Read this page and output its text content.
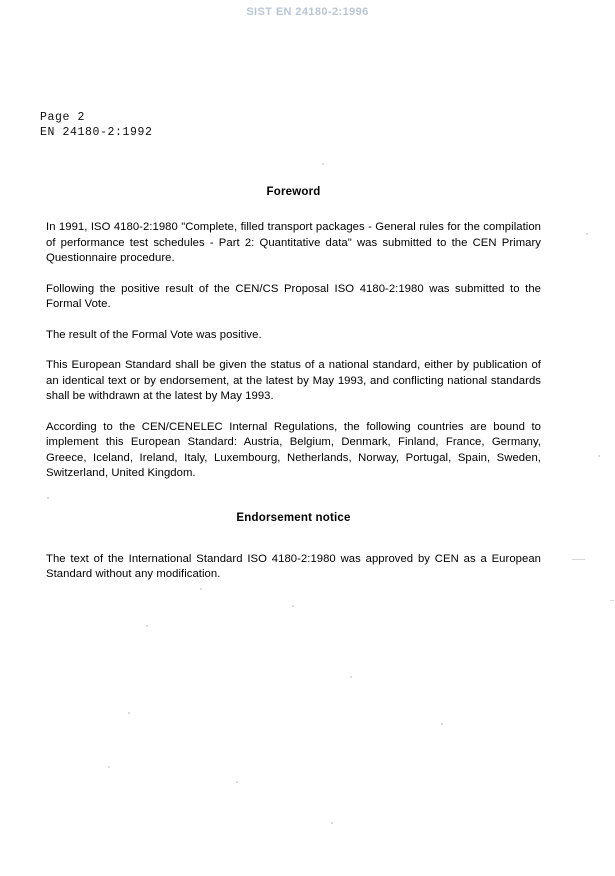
SIST EN 24180-2:1996
Page 2
EN 24180-2:1992
Foreword

In 1991, ISO 4180-2:1980 "Complete, filled transport packages - General rules for the compilation of performance test schedules - Part 2: Quantitative data" was submitted to the CEN Primary Questionnaire procedure.

Following the positive result of the CEN/CS Proposal ISO 4180-2:1980 was submitted to the Formal Vote.

The result of the Formal Vote was positive.

This European Standard shall be given the status of a national standard, either by publication of an identical text or by endorsement, at the latest by May 1993, and conflicting national standards shall be withdrawn at the latest by May 1993.

According to the CEN/CENELEC Internal Regulations, the following countries are bound to implement this European Standard: Austria, Belgium, Denmark, Finland, France, Germany, Greece, Iceland, Ireland, Italy, Luxembourg, Netherlands, Norway, Portugal, Spain, Sweden, Switzerland, United Kingdom.

Endorsement notice

The text of the International Standard ISO 4180-2:1980 was approved by CEN as a European Standard without any modification.
